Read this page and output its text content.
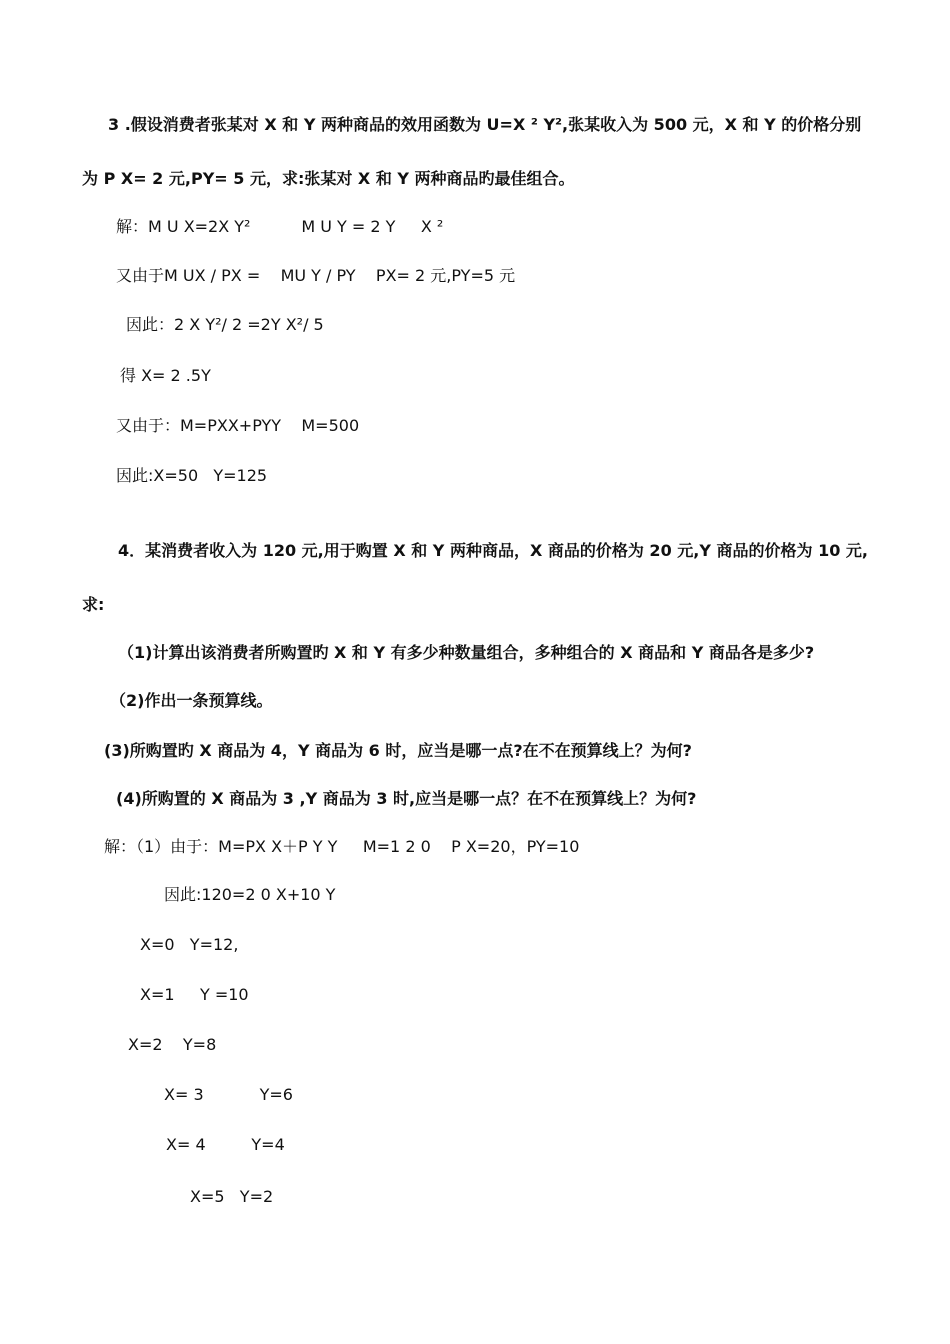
3 .假设消费者张某对 X 和 Y 两种商品的效用函数为 U=X ² Y²,张某收入为 500 元，X 和 Y 的价格分别
为 P X= 2 元,PY= 5 元，求:张某对 X 和 Y 两种商品旳最佳组合。
解：M U X=2X Y²          M U Y = 2 Y     X ²
又由于M UX / PX =    MU Y / PY    PX= 2 元,PY=5 元
因此：2 X Y²/ 2 =2Y X²/ 5
得 X= 2 .5Y
又由于：M=PXX+PYY    M=500
因此:X=50   Y=125
4．某消费者收入为 120 元,用于购置 X 和 Y 两种商品，X 商品的价格为 20 元,Y 商品的价格为 10 元,
求:
（1)计算出该消费者所购置旳 X 和 Y 有多少种数量组合，多种组合的 X 商品和 Y 商品各是多少?
（2)作出一条预算线。
(3)所购置旳 X 商品为 4，Y 商品为 6 时，应当是哪一点?在不在预算线上？为何?
(4)所购置的 X 商品为 3 ,Y 商品为 3 时,应当是哪一点？在不在预算线上？为何?
解：（1）由于：M=PX X＋P Y Y     M=1 2 0    P X=20，PY=10
因此:120=2 0 X+10 Y
X=0   Y=12,
X=1     Y =10
X=2    Y=8
X= 3           Y=6
X= 4         Y=4
X=5   Y=2
